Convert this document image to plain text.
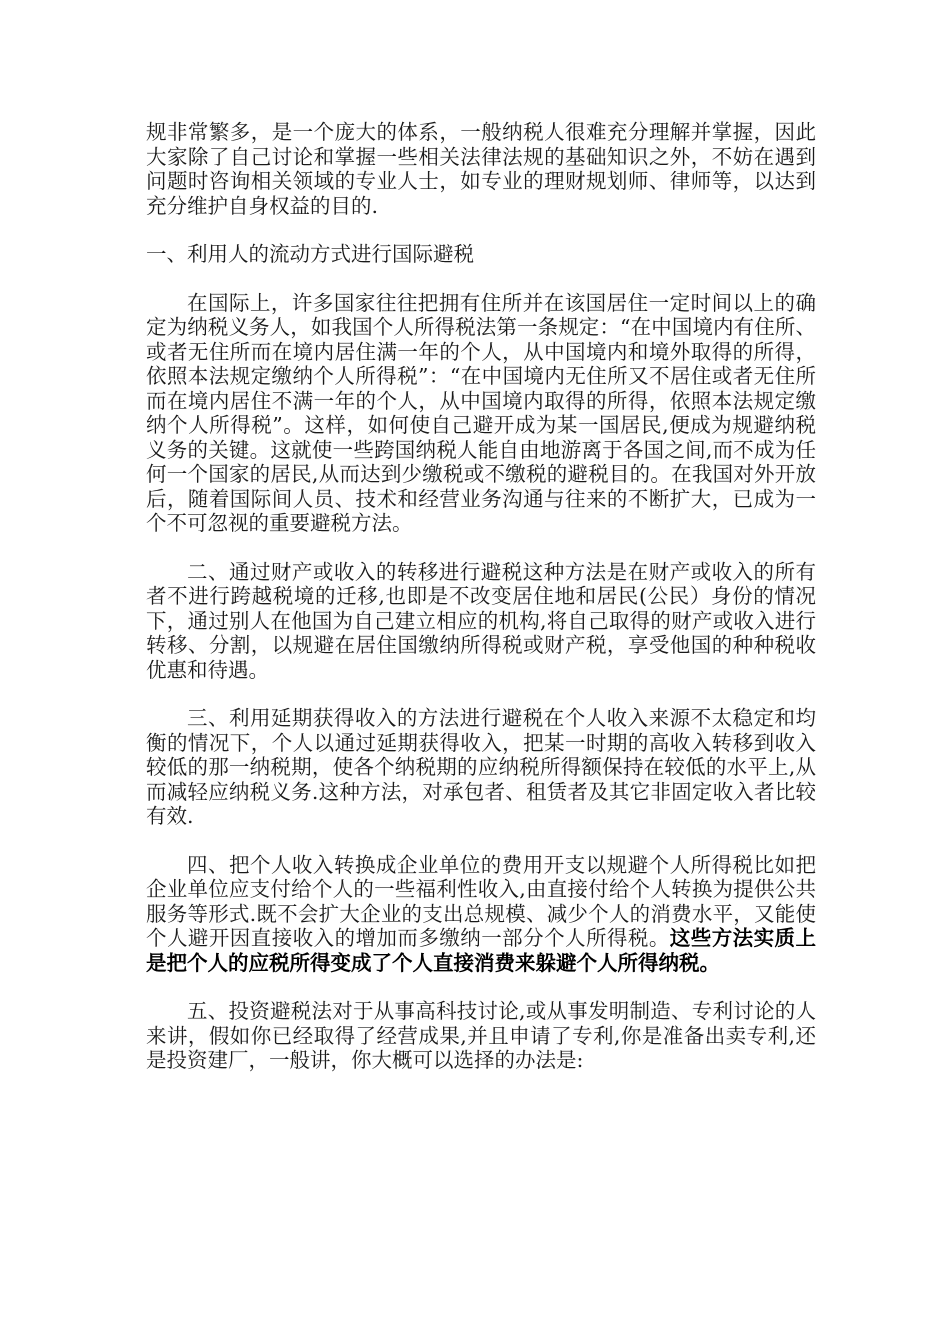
规非常繁多，是一个庞大的体系，一般纳税人很难充分理解并掌握，因此大家除了自己讨论和掌握一些相关法律法规的基础知识之外，不妨在遇到问题时咨询相关领域的专业人士，如专业的理财规划师、律师等，以达到充分维护自身权益的目的.

一、利用人的流动方式进行国际避税

在国际上，许多国家往往把拥有住所并在该国居住一定时间以上的确定为纳税义务人，如我国个人所得税法第一条规定：“在中国境内有住所、或者无住所而在境内居住满一年的个人，从中国境内和境外取得的所得，依照本法规定缴纳个人所得税”：“在中国境内无住所又不居住或者无住所而在境内居住不满一年的个人，从中国境内取得的所得，依照本法规定缴纳个人所得税”。这样，如何使自己避开成为某一国居民,便成为规避纳税义务的关键。这就使一些跨国纳税人能自由地游离于各国之间,而不成为任何一个国家的居民,从而达到少缴税或不缴税的避税目的。在我国对外开放后，随着国际间人员、技术和经营业务沟通与往来的不断扩大，已成为一个不可忽视的重要避税方法。

二、通过财产或收入的转移进行避税这种方法是在财产或收入的所有者不进行跨越税境的迁移,也即是不改变居住地和居民(公民）身份的情况下，通过别人在他国为自己建立相应的机构,将自己取得的财产或收入进行转移、分割，以规避在居住国缴纳所得税或财产税，享受他国的种种税收优惠和待遇。

三、利用延期获得收入的方法进行避税在个人收入来源不太稳定和均衡的情况下，个人以通过延期获得收入，把某一时期的高收入转移到收入较低的那一纳税期，使各个纳税期的应纳税所得额保持在较低的水平上,从而减轻应纳税义务.这种方法，对承包者、租赁者及其它非固定收入者比较有效.

四、把个人收入转换成企业单位的费用开支以规避个人所得税比如把企业单位应支付给个人的一些福利性收入,由直接付给个人转换为提供公共服务等形式.既不会扩大企业的支出总规模、减少个人的消费水平，又能使个人避开因直接收入的增加而多缴纳一部分个人所得税。这些方法实质上是把个人的应税所得变成了个人直接消费来躲避个人所得纳税。

五、投资避税法对于从事高科技讨论,或从事发明制造、专利讨论的人来讲，假如你已经取得了经营成果,并且申请了专利,你是准备出卖专利,还是投资建厂，一般讲，你大概可以选择的办法是:
